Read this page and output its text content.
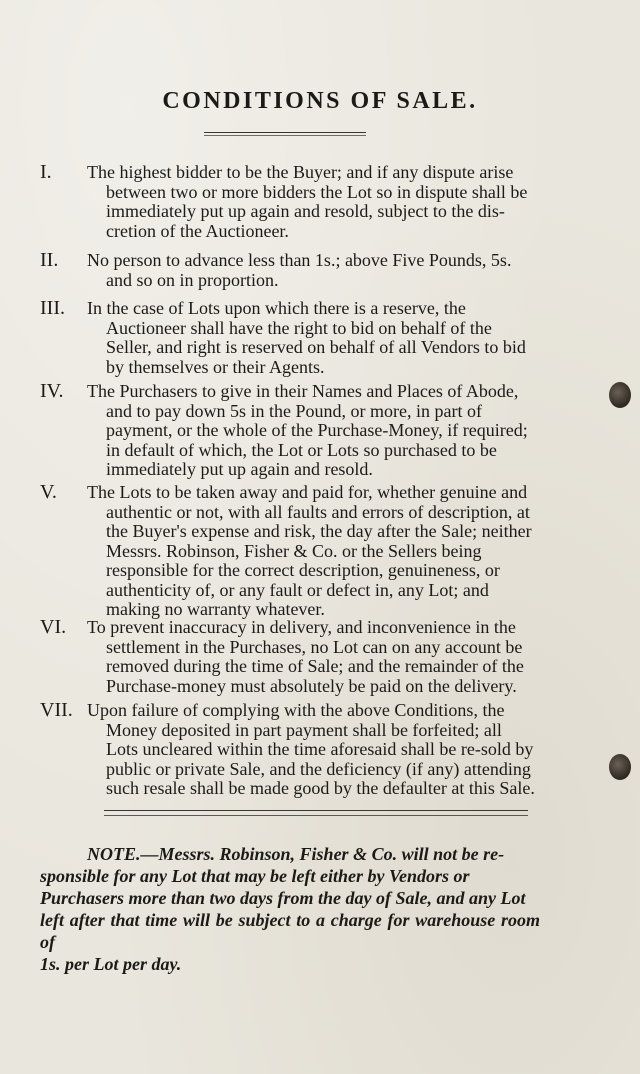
CONDITIONS OF SALE.
I.	The highest bidder to be the Buyer; and if any dispute arise
between two or more bidders the Lot so in dispute shall be
immediately put up again and resold, subject to the dis-
cretion of the Auctioneer.
II.	No person to advance less than 1s.; above Five Pounds, 5s.
and so on in proportion.
III.	In the case of Lots upon which there is a reserve, the
Auctioneer shall have the right to bid on behalf of the
Seller, and right is reserved on behalf of all Vendors to bid
by themselves or their Agents.
IV.	The Purchasers to give in their Names and Places of Abode,
and to pay down 5s in the Pound, or more, in part of
payment, or the whole of the Purchase-Money, if required;
in default of which, the Lot or Lots so purchased to be
immediately put up again and resold.
V.	The Lots to be taken away and paid for, whether genuine and
authentic or not, with all faults and errors of description, at
the Buyer's expense and risk, the day after the Sale; neither
Messrs. Robinson, Fisher & Co. or the Sellers being
responsible for the correct description, genuineness, or
authenticity of, or any fault or defect in, any Lot; and
making no warranty whatever.
VI.	To prevent inaccuracy in delivery, and inconvenience in the
settlement in the Purchases, no Lot can on any account be
removed during the time of Sale; and the remainder of the
Purchase-money must absolutely be paid on the delivery.
VII. Upon failure of complying with the above Conditions, the
Money deposited in part payment shall be forfeited; all
Lots uncleared within the time aforesaid shall be re-sold by
public or private Sale, and the deficiency (if any) attending
such resale shall be made good by the defaulter at this Sale.
NOTE.—Messrs. Robinson, Fisher & Co. will not be re-
sponsible for any Lot that may be left either by Vendors or
Purchasers more than two days from the day of Sale, and any Lot
left after that time will be subject to a charge for warehouse room of
1s. per Lot per day.
